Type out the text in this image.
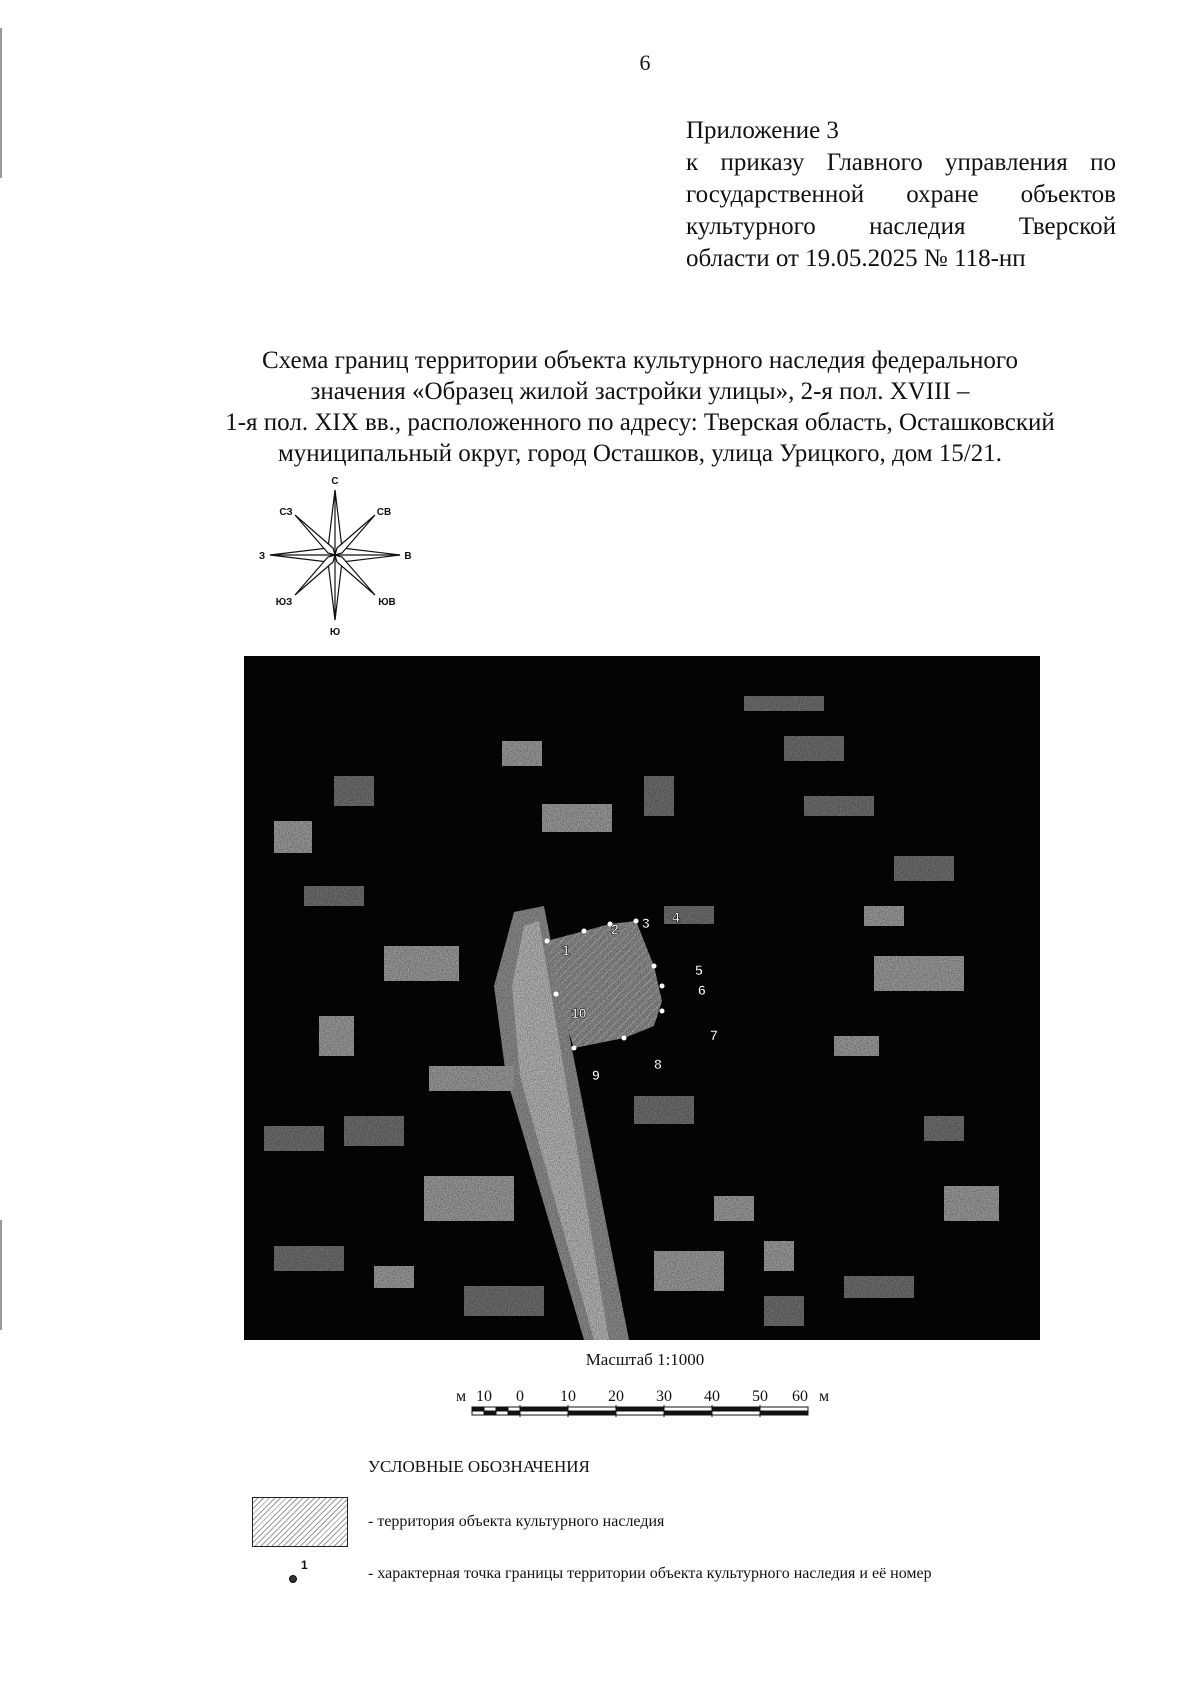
6
Приложение 3
к приказу Главного управления по
государственной охране объектов
культурного наследия Тверской
области от 19.05.2025 № 118-нп
Схема границ территории объекта культурного наследия федерального
значения «Образец жилой застройки улицы», 2-я пол. XVIII –
1-я пол. XIX вв., расположенного по адресу: Тверская область, Осташковский
муниципальный округ, город Осташков, улица Урицкого, дом 15/21.
С
Ю
З	В
СЗ	СВ
ЮЗ	ЮВ
1
2 3 4
5
6
7
8
9
10
Масштаб 1:1000
м 10 0 10 20 30 40 50 60 м
УСЛОВНЫЕ ОБОЗНАЧЕНИЯ
- территория объекта культурного наследия
1	- характерная точка границы территории объекта культурного наследия и её номер
